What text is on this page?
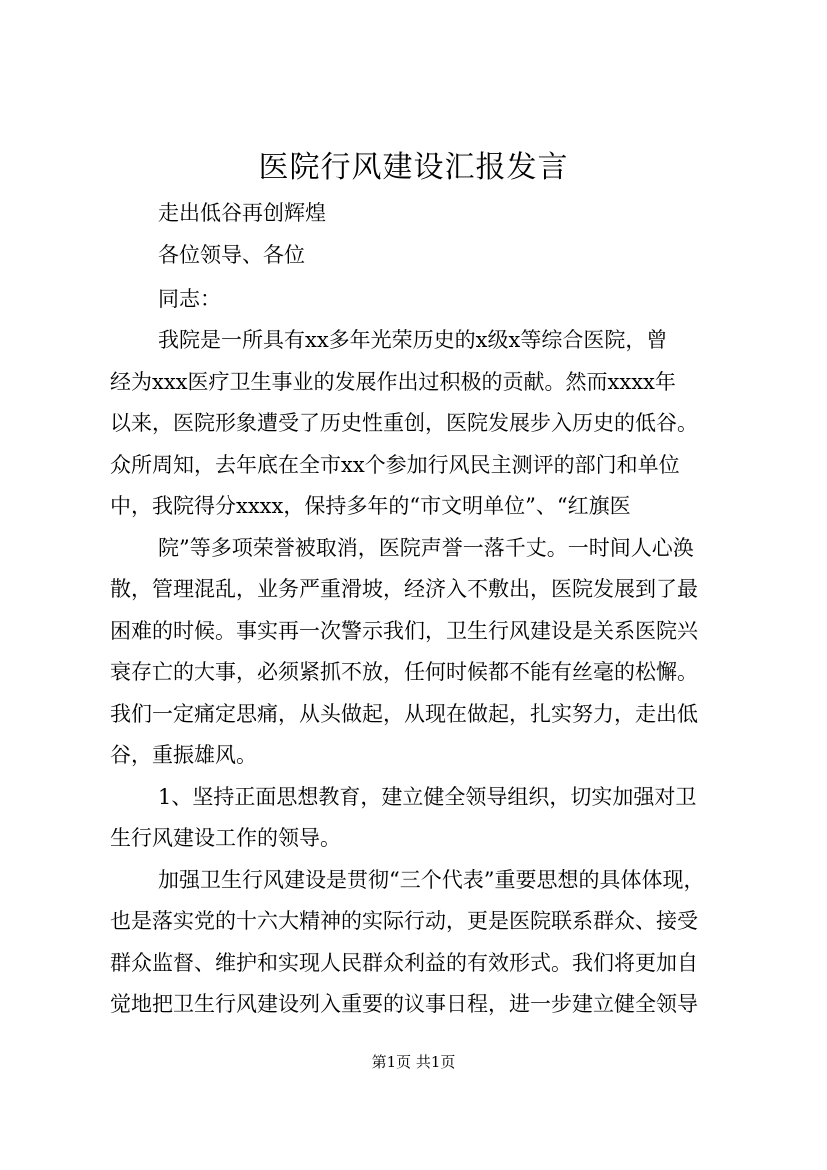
医院行风建设汇报发言
走出低谷再创辉煌
各位领导、各位
同志：
我院是一所具有xx多年光荣历史的x级x等综合医院，曾
经为xxx医疗卫生事业的发展作出过积极的贡献。然而xxxx年
以来，医院形象遭受了历史性重创，医院发展步入历史的低谷。
众所周知，去年底在全市xx个参加行风民主测评的部门和单位
中，我院得分xxxx，保持多年的“市文明单位”、“红旗医
院”等多项荣誉被取消，医院声誉一落千丈。一时间人心涣
散，管理混乱，业务严重滑坡，经济入不敷出，医院发展到了最
困难的时候。事实再一次警示我们，卫生行风建设是关系医院兴
衰存亡的大事，必须紧抓不放，任何时候都不能有丝毫的松懈。
我们一定痛定思痛，从头做起，从现在做起，扎实努力，走出低
谷，重振雄风。
1、坚持正面思想教育，建立健全领导组织，切实加强对卫
生行风建设工作的领导。
加强卫生行风建设是贯彻“三个代表”重要思想的具体体现，
也是落实党的十六大精神的实际行动，更是医院联系群众、接受
群众监督、维护和实现人民群众利益的有效形式。我们将更加自
觉地把卫生行风建设列入重要的议事日程，进一步建立健全领导
第1页 共1页
